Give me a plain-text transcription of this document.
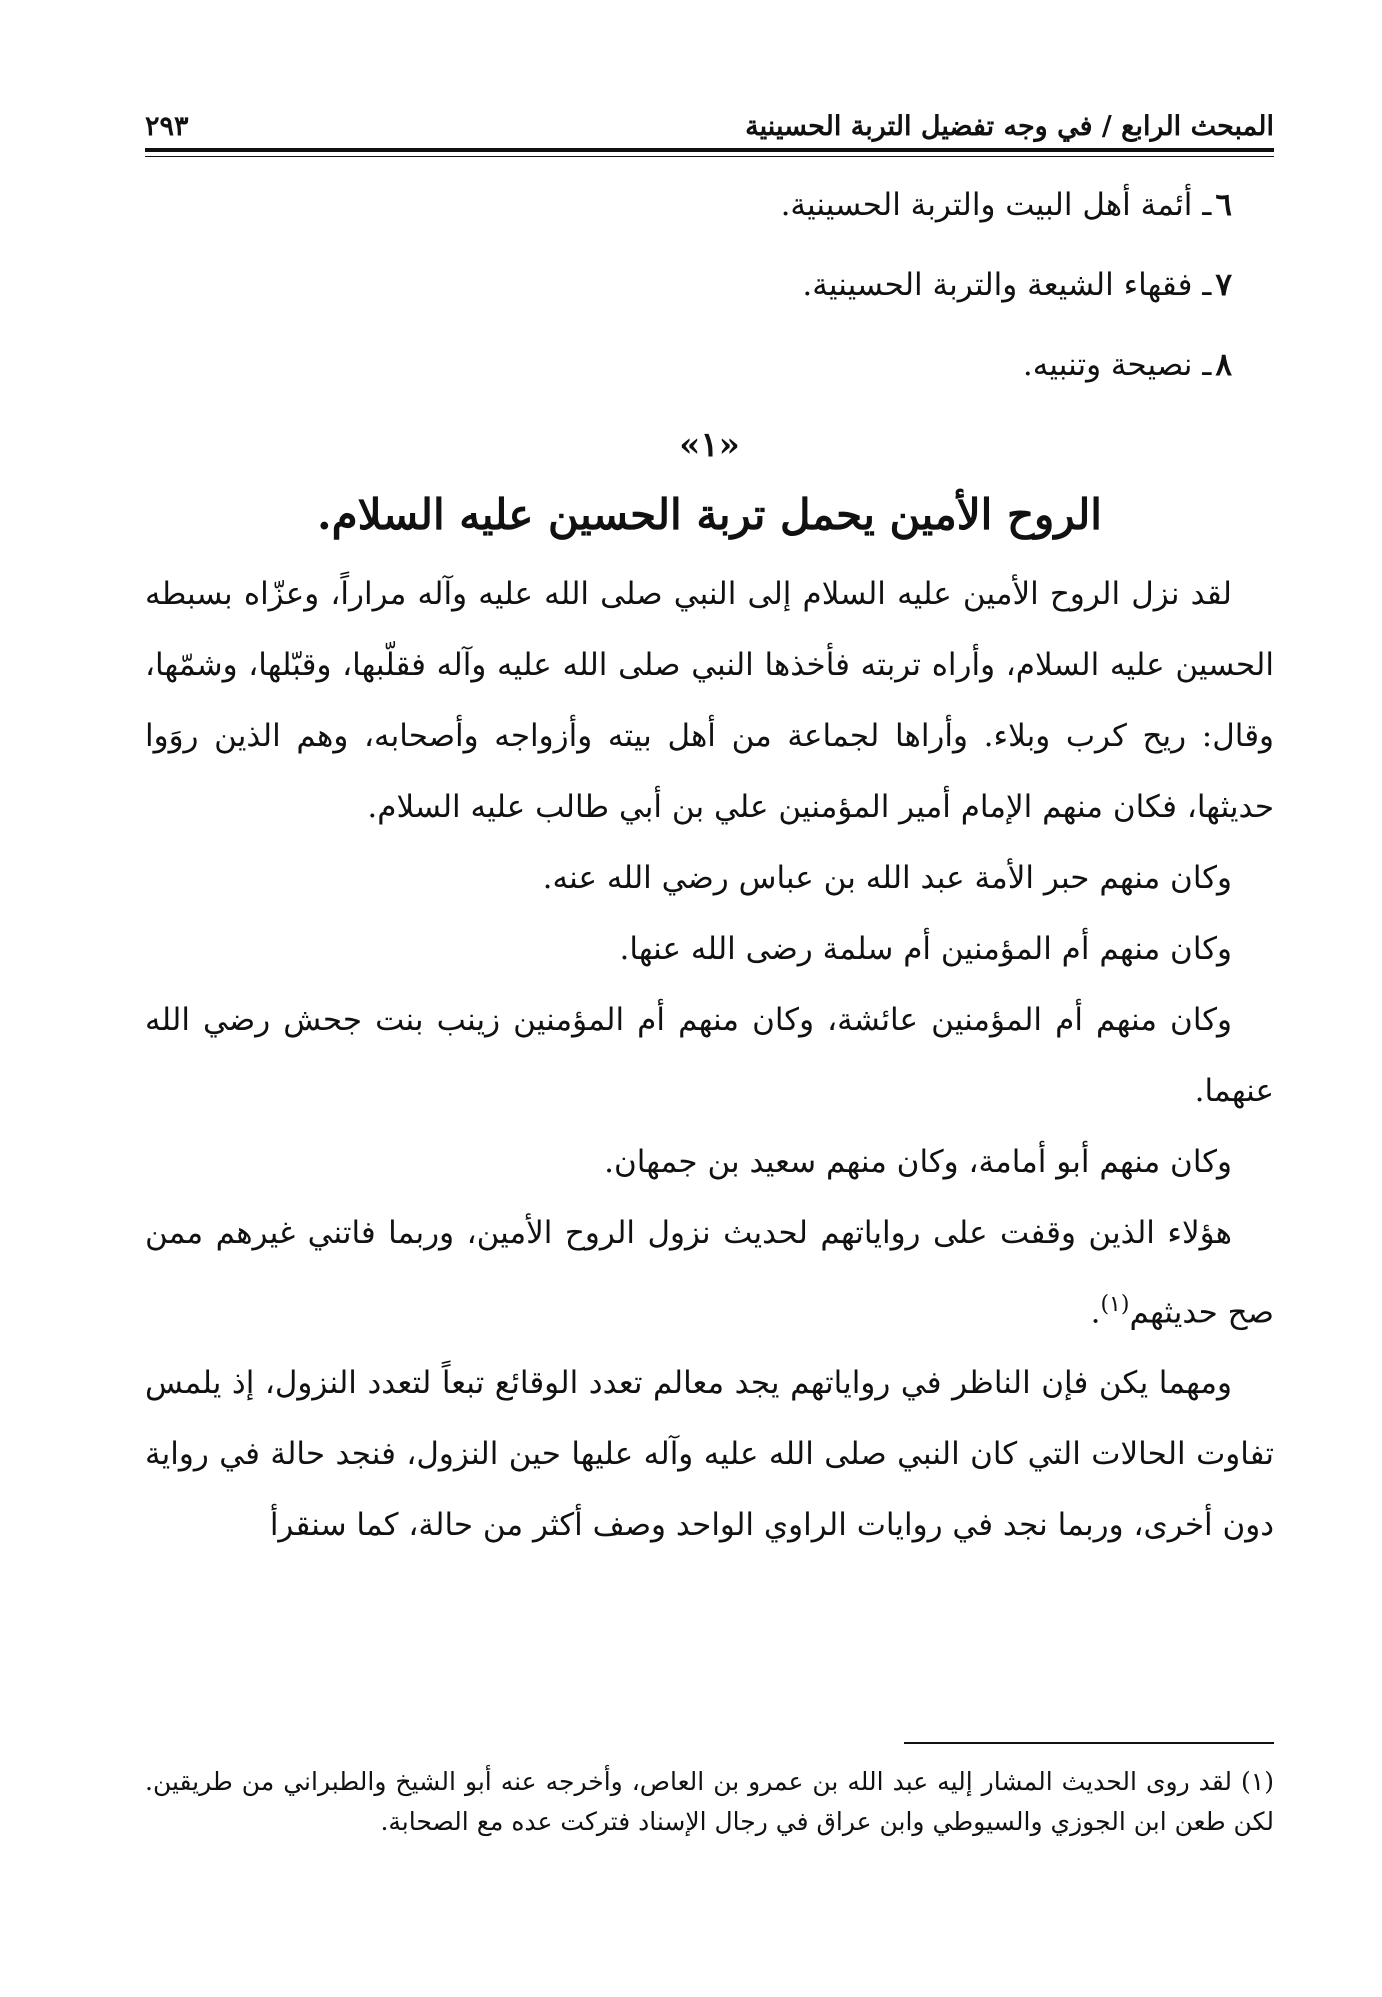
المبحث الرابع / في وجه تفضيل التربة الحسينية
٢٩٣
٦ـ أئمة أهل البيت والتربة الحسينية.
٧ـ فقهاء الشيعة والتربة الحسينية.
٨ـ نصيحة وتنبيه.
«١»
الروح الأمين يحمل تربة الحسين عليه السلام.

لقد نزل الروح الأمين عليه السلام إلى النبي صلى الله عليه وآله مراراً، وعزّاه بسبطه الحسين عليه السلام، وأراه تربته فأخذها النبي صلى الله عليه وآله فقلّبها، وقبّلها، وشمّها، وقال: ريح كرب وبلاء. وأراها لجماعة من أهل بيته وأزواجه وأصحابه، وهم الذين روَوا حديثها، فكان منهم الإمام أمير المؤمنين علي بن أبي طالب عليه السلام.

وكان منهم حبر الأمة عبد الله بن عباس رضي الله عنه.

وكان منهم أم المؤمنين أم سلمة رضى الله عنها.

وكان منهم أم المؤمنين عائشة، وكان منهم أم المؤمنين زينب بنت جحش رضي الله عنهما.

وكان منهم أبو أمامة، وكان منهم سعيد بن جمهان.

هؤلاء الذين وقفت على رواياتهم لحديث نزول الروح الأمين، وربما فاتني غيرهم ممن صح حديثهم$^{(١)}$.

ومهما يكن فإن الناظر في رواياتهم يجد معالم تعدد الوقائع تبعاً لتعدد النزول، إذ يلمس تفاوت الحالات التي كان النبي صلى الله عليه وآله عليها حين النزول، فنجد حالة في رواية دون أخرى، وربما نجد في روايات الراوي الواحد وصف أكثر من حالة، كما سنقرأ

(١) لقد روى الحديث المشار إليه عبد الله بن عمرو بن العاص، وأخرجه عنه أبو الشيخ والطبراني من طريقين. لكن طعن ابن الجوزي والسيوطي وابن عراق في رجال الإسناد فتركت عده مع الصحابة.
